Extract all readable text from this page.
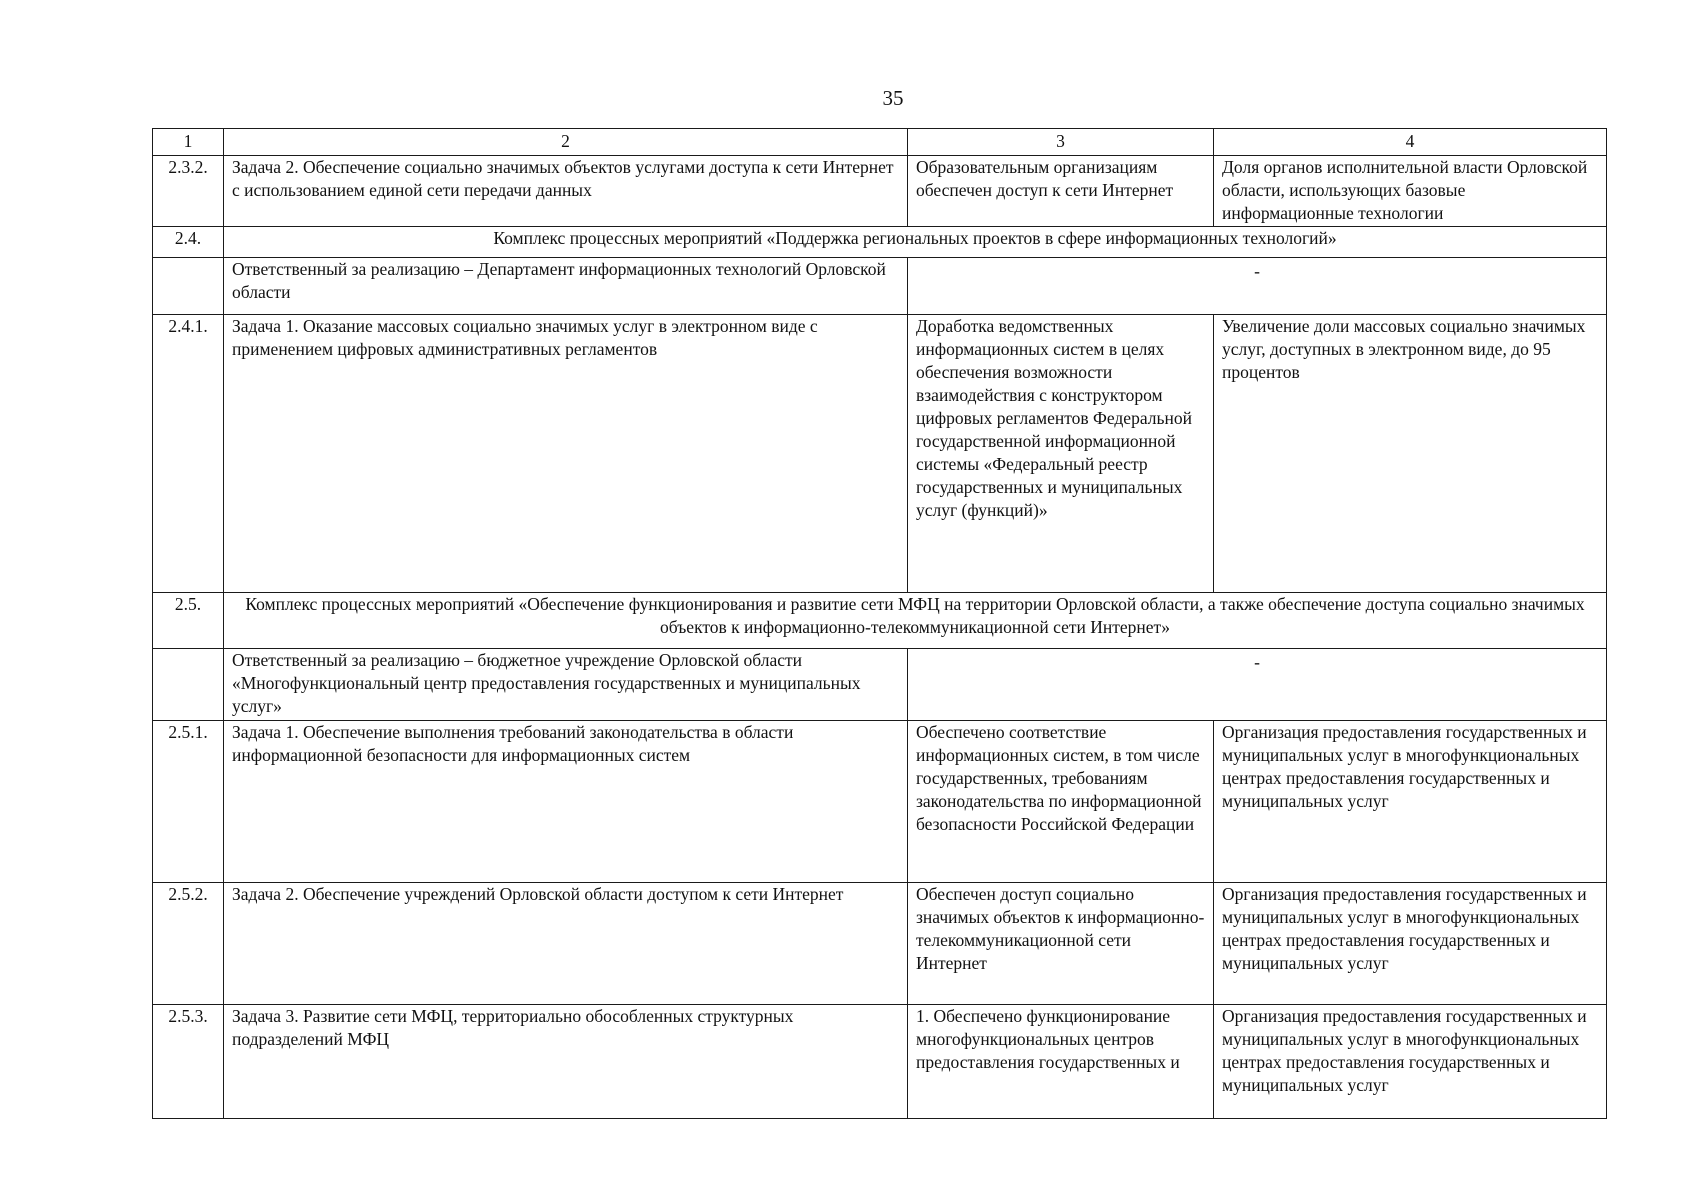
35
1	2	3	4
2.3.2.	Задача 2. Обеспечение социально значимых объектов услугами доступа к сети Интернет с использованием единой сети передачи данных	Образовательным организациям обеспечен доступ к сети Интернет	Доля органов исполнительной власти Орловской области, использующих базовые информационные технологии
2.4.	Комплекс процессных мероприятий «Поддержка региональных проектов в сфере информационных технологий»		
	Ответственный за реализацию – Департамент информационных технологий Орловской области	-	

2.4.1.	Задача 1. Оказание массовых социально значимых услуг в электронном виде с применением цифровых административных регламентов	Доработка ведомственных информационных систем в целях обеспечения возможности взаимодействия с конструктором цифровых регламентов Федеральной государственной информационной системы «Федеральный реестр государственных и муниципальных услуг (функций)»	Увеличение доли массовых социально значимых услуг, доступных в электронном виде, до 95 процентов
2.5.	Комплекс процессных мероприятий «Обеспечение функционирования и развитие сети МФЦ на территории Орловской области, а также обеспечение доступа социально значимых объектов к информационно-телекоммуникационной сети Интернет»		
	Ответственный за реализацию – бюджетное учреждение Орловской области «Многофункциональный центр предоставления государственных и муниципальных услуг»	-	

2.5.1.	Задача 1. Обеспечение выполнения требований законодательства в области информационной безопасности для информационных систем	Обеспечено соответствие информационных систем, в том числе государственных, требованиям законодательства по информационной безопасности Российской Федерации	Организация предоставления государственных и муниципальных услуг в многофункциональных центрах предоставления государственных и муниципальных услуг
2.5.2.	Задача 2. Обеспечение учреждений Орловской области доступом к сети Интернет	Обеспечен доступ социально значимых объектов к информационно-телекоммуникационной сети Интернет	Организация предоставления государственных и муниципальных услуг в многофункциональных центрах предоставления государственных и муниципальных услуг
2.5.3.	Задача 3. Развитие сети МФЦ, территориально обособленных структурных подразделений МФЦ	1. Обеспечено функционирование многофункциональных центров предоставления государственных и	Организация предоставления государственных и муниципальных услуг в многофункциональных центрах предоставления государственных и муниципальных услуг
